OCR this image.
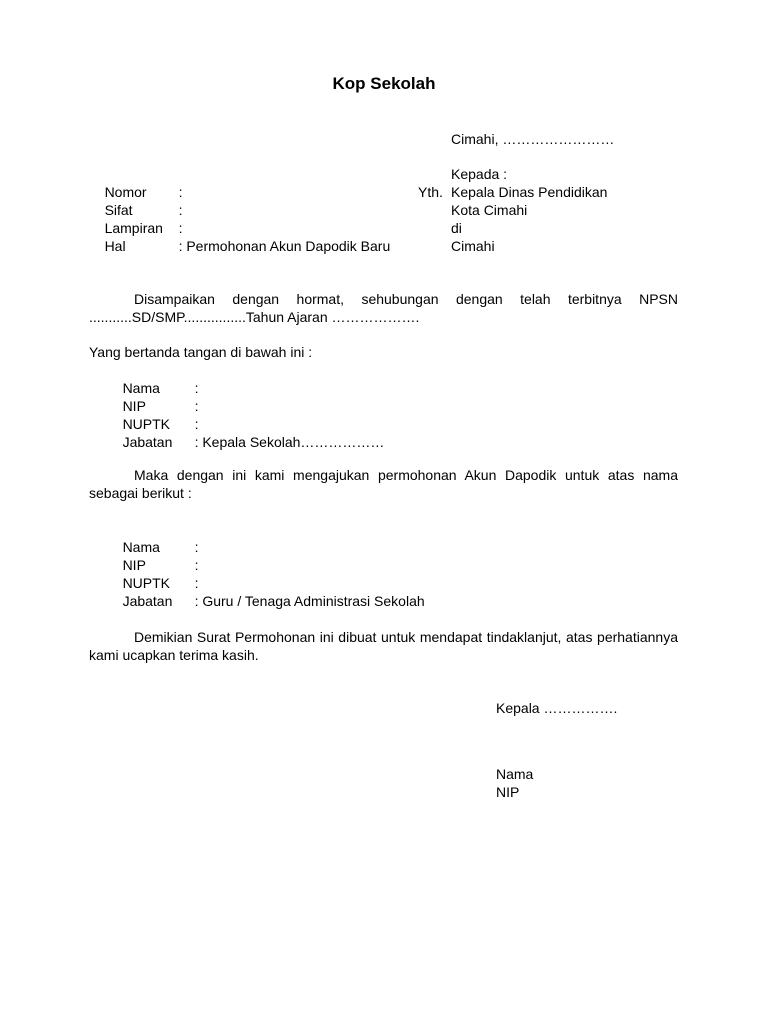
Kop Sekolah
Cimahi, ……………………

Nomor :

Sifat	:

Lampiran :

Hal	: Permohonan Akun Dapodik Baru

Kepada :
Yth. Kepala Dinas Pendidikan
Kota Cimahi
di
Cimahi
Disampaikan dengan hormat, sehubungan dengan telah terbitnya NPSN ...........SD/SMP................Tahun Ajaran ……………….
Yang bertanda tangan di bawah ini :

Nama :

NIP	:

NUPTK :

Jabatan : Kepala Sekolah………………

Maka dengan ini kami mengajukan permohonan Akun Dapodik untuk atas nama sebagai berikut :

Nama :

NIP	:

NUPTK :

Jabatan : Guru / Tenaga Administrasi Sekolah

Demikian Surat Permohonan ini dibuat untuk mendapat tindaklanjut, atas perhatiannya kami ucapkan terima kasih.
Kepala …………….
Nama
NIP
